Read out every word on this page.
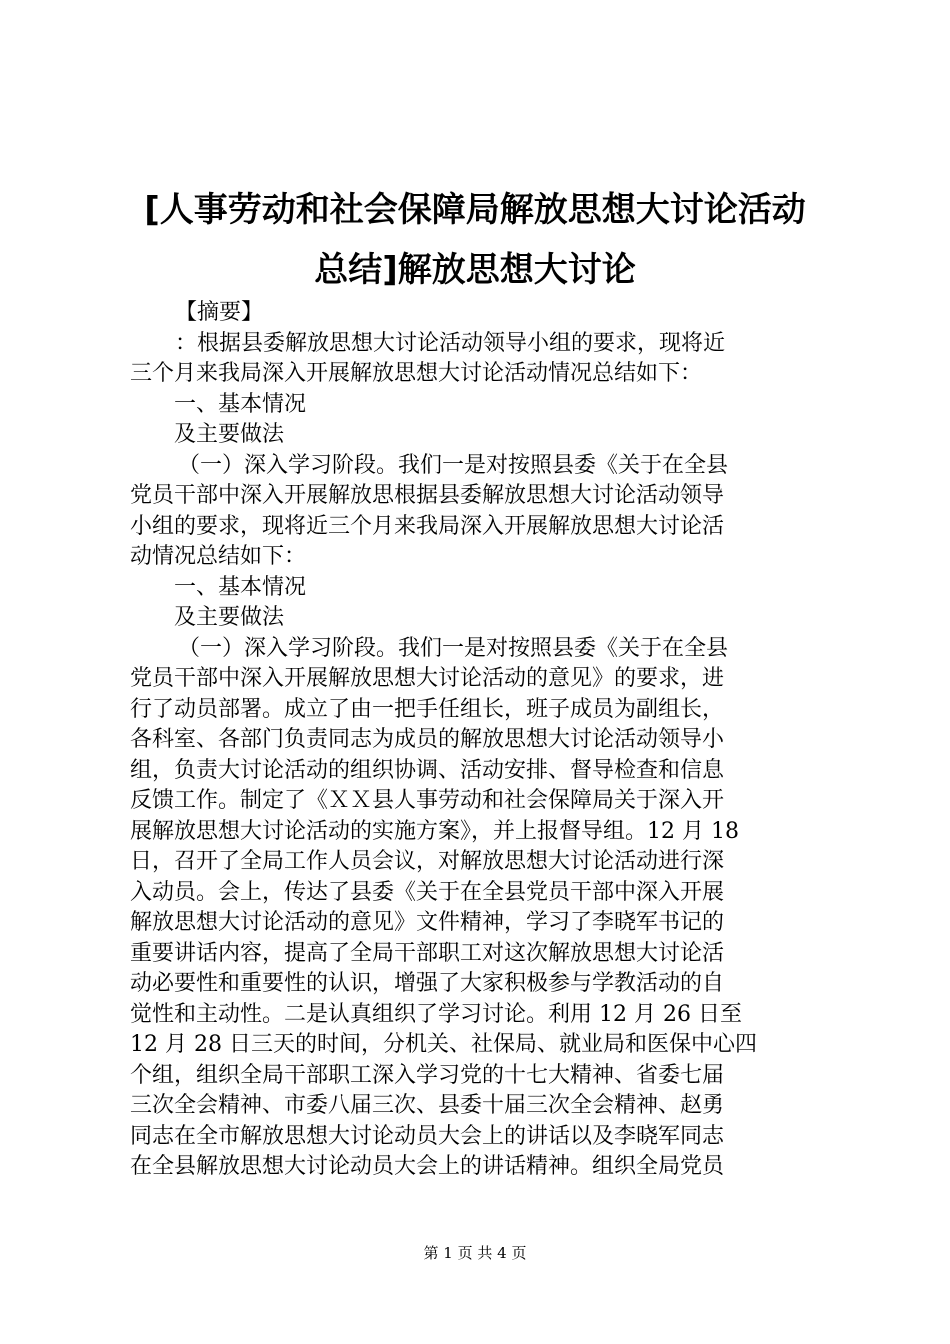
[人事劳动和社会保障局解放思想大讨论活动
总结]解放思想大讨论
【摘要】
：根据县委解放思想大讨论活动领导小组的要求，现将近
三个月来我局深入开展解放思想大讨论活动情况总结如下：
一、基本情况
及主要做法
（一）深入学习阶段。我们一是对按照县委《关于在全县
党员干部中深入开展解放思根据县委解放思想大讨论活动领导
小组的要求，现将近三个月来我局深入开展解放思想大讨论活
动情况总结如下：
一、基本情况
及主要做法
（一）深入学习阶段。我们一是对按照县委《关于在全县
党员干部中深入开展解放思想大讨论活动的意见》的要求，进
行了动员部署。成立了由一把手任组长，班子成员为副组长，
各科室、各部门负责同志为成员的解放思想大讨论活动领导小
组，负责大讨论活动的组织协调、活动安排、督导检查和信息
反馈工作。制定了《ＸＸ县人事劳动和社会保障局关于深入开
展解放思想大讨论活动的实施方案》，并上报督导组。12 月 18
日，召开了全局工作人员会议，对解放思想大讨论活动进行深
入动员。会上，传达了县委《关于在全县党员干部中深入开展
解放思想大讨论活动的意见》文件精神，学习了李晓军书记的
重要讲话内容，提高了全局干部职工对这次解放思想大讨论活
动必要性和重要性的认识，增强了大家积极参与学教活动的自
觉性和主动性。二是认真组织了学习讨论。利用 12 月 26 日至
12 月 28 日三天的时间，分机关、社保局、就业局和医保中心四
个组，组织全局干部职工深入学习党的十七大精神、省委七届
三次全会精神、市委八届三次、县委十届三次全会精神、赵勇
同志在全市解放思想大讨论动员大会上的讲话以及李晓军同志
在全县解放思想大讨论动员大会上的讲话精神。组织全局党员
第 1 页 共 4 页
